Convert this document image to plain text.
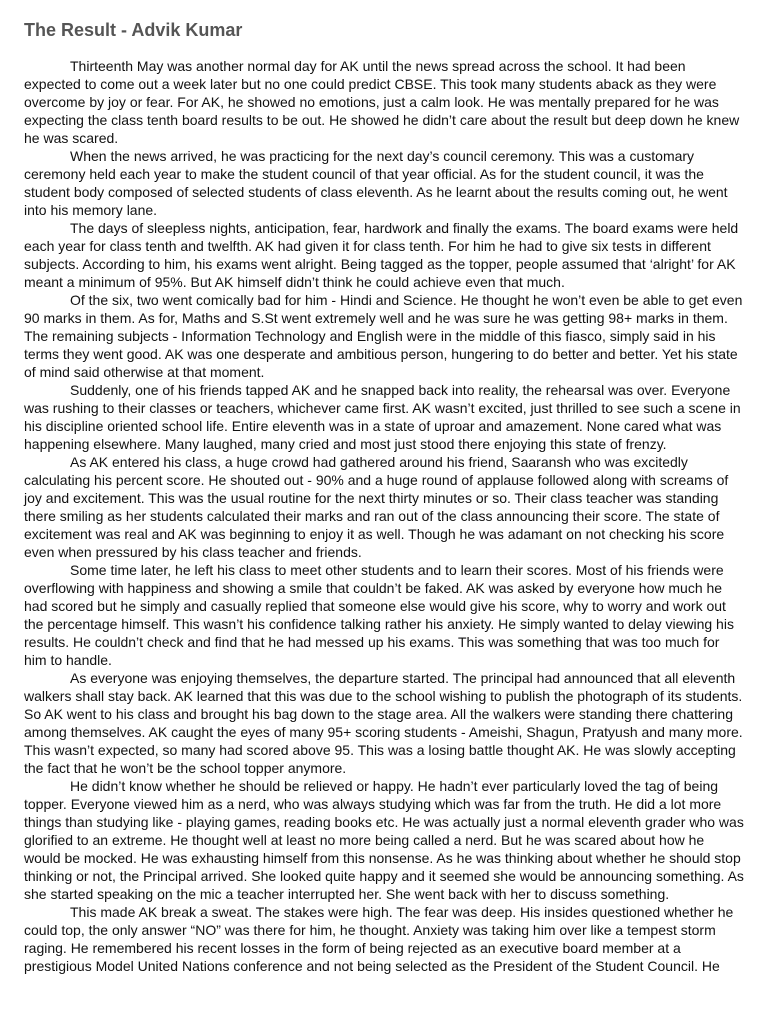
The Result - Advik Kumar

Thirteenth May was another normal day for AK until the news spread across the school. It had been expected to come out a week later but no one could predict CBSE. This took many students aback as they were overcome by joy or fear. For AK, he showed no emotions, just a calm look. He was mentally prepared for he was expecting the class tenth board results to be out. He showed he didn’t care about the result but deep down he knew he was scared.

When the news arrived, he was practicing for the next day’s council ceremony. This was a customary ceremony held each year to make the student council of that year official. As for the student council, it was the student body composed of selected students of class eleventh. As he learnt about the results coming out, he went into his memory lane.

The days of sleepless nights, anticipation, fear, hardwork and finally the exams. The board exams were held each year for class tenth and twelfth. AK had given it for class tenth. For him he had to give six tests in different subjects. According to him, his exams went alright. Being tagged as the topper, people assumed that ‘alright’ for AK meant a minimum of 95%. But AK himself didn’t think he could achieve even that much.

Of the six, two went comically bad for him - Hindi and Science. He thought he won’t even be able to get even 90 marks in them. As for, Maths and S.St went extremely well and he was sure he was getting 98+ marks in them. The remaining subjects - Information Technology and English were in the middle of this fiasco, simply said in his terms they went good. AK was one desperate and ambitious person, hungering to do better and better. Yet his state of mind said otherwise at that moment.

Suddenly, one of his friends tapped AK and he snapped back into reality, the rehearsal was over. Everyone was rushing to their classes or teachers, whichever came first. AK wasn’t excited, just thrilled to see such a scene in his discipline oriented school life. Entire eleventh was in a state of uproar and amazement. None cared what was happening elsewhere. Many laughed, many cried and most just stood there enjoying this state of frenzy.

As AK entered his class, a huge crowd had gathered around his friend, Saaransh who was excitedly calculating his percent score. He shouted out - 90% and a huge round of applause followed along with screams of joy and excitement. This was the usual routine for the next thirty minutes or so. Their class teacher was standing there smiling as her students calculated their marks and ran out of the class announcing their score. The state of excitement was real and AK was beginning to enjoy it as well. Though he was adamant on not checking his score even when pressured by his class teacher and friends.

Some time later, he left his class to meet other students and to learn their scores. Most of his friends were overflowing with happiness and showing a smile that couldn’t be faked. AK was asked by everyone how much he had scored but he simply and casually replied that someone else would give his score, why to worry and work out the percentage himself. This wasn’t his confidence talking rather his anxiety. He simply wanted to delay viewing his results. He couldn’t check and find that he had messed up his exams. This was something that was too much for him to handle.

As everyone was enjoying themselves, the departure started. The principal had announced that all eleventh walkers shall stay back. AK learned that this was due to the school wishing to publish the photograph of its students. So AK went to his class and brought his bag down to the stage area. All the walkers were standing there chattering among themselves. AK caught the eyes of many 95+ scoring students - Ameishi, Shagun, Pratyush and many more. This wasn’t expected, so many had scored above 95. This was a losing battle thought AK. He was slowly accepting the fact that he won’t be the school topper anymore.

He didn’t know whether he should be relieved or happy. He hadn’t ever particularly loved the tag of being topper. Everyone viewed him as a nerd, who was always studying which was far from the truth. He did a lot more things than studying like - playing games, reading books etc. He was actually just a normal eleventh grader who was glorified to an extreme. He thought well at least no more being called a nerd. But he was scared about how he would be mocked. He was exhausting himself from this nonsense. As he was thinking about whether he should stop thinking or not, the Principal arrived. She looked quite happy and it seemed she would be announcing something. As she started speaking on the mic a teacher interrupted her. She went back with her to discuss something.

This made AK break a sweat. The stakes were high. The fear was deep. His insides questioned whether he could top, the only answer “NO” was there for him, he thought. Anxiety was taking him over like a tempest storm raging. He remembered his recent losses in the form of being rejected as an executive board member at a prestigious Model United Nations conference and not being selected as the President of the Student Council. He
